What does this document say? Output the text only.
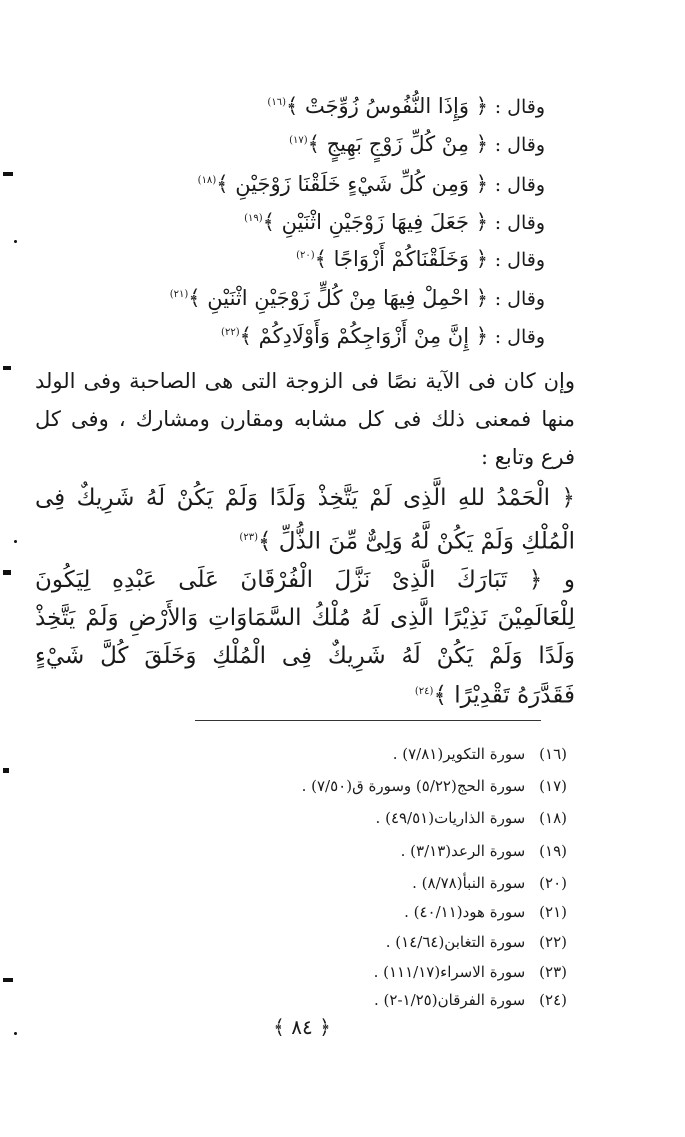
وقال : ﴿ وَإِذَا النُّفُوسُ زُوِّجَتْ ﴾$^{(١٦)}$
وقال : ﴿ مِنْ كُلِّ زَوْجٍ بَهِيجٍ ﴾$^{(١٧)}$
وقال : ﴿ وَمِن كُلِّ شَيْءٍ خَلَقْنَا زَوْجَيْنِ ﴾$^{(١٨)}$
وقال : ﴿ جَعَلَ فِيهَا زَوْجَيْنِ اثْنَيْنِ ﴾$^{(١٩)}$
وقال : ﴿ وَخَلَقْنَاكُمْ أَزْوَاجًا ﴾$^{(٢٠)}$
وقال : ﴿ احْمِلْ فِيهَا مِنْ كُلٍّ زَوْجَيْنِ اثْنَيْنِ ﴾$^{(٢١)}$
وقال : ﴿ إِنَّ مِنْ أَزْوَاجِكُمْ وَأَوْلَادِكُمْ ﴾$^{(٢٢)}$
وإن كان فى الآية نصًا فى الزوجة التى هى الصاحبة وفى الولد منها فمعنى ذلك فى كل مشابه ومقارن ومشارك ، وفى كل فرع وتابع :
﴿ الْحَمْدُ للهِ الَّذِى لَمْ يَتَّخِذْ وَلَدًا وَلَمْ يَكُنْ لَهُ شَرِيكٌ فِى
الْمُلْكِ وَلَمْ يَكُنْ لَّهُ وَلِىٌّ مِّنَ الذُّلِّ ﴾$^{(٢٣)}$
و ﴿ تَبَارَكَ الَّذِىْ نَزَّلَ الْفُرْقَانَ عَلَى عَبْدِهِ لِيَكُونَ
لِلْعَالَمِيْنَ نَذِيْرًا الَّذِى لَهُ مُلْكُ السَّمَاوَاتِ وَالأَرْضِ وَلَمْ يَتَّخِذْ
وَلَدًا وَلَمْ يَكُنْ لَهُ شَرِيكٌ فِى الْمُلْكِ وَخَلَقَ كُلَّ شَيْءٍ
فَقَدَّرَهُ تَقْدِيْرًا ﴾$^{(٢٤)}$
(١٦)سورة التكوير(٧/٨١) .
(١٧)سورة الحج(٥/٢٢) وسورة ق(٧/٥٠) .
(١٨)سورة الذاريات(٤٩/٥١) .
(١٩)سورة الرعد(٣/١٣) .
(٢٠)سورة النبأ(٨/٧٨) .
(٢١)سورة هود(٤٠/١١) .
(٢٢)سورة التغابن(١٤/٦٤) .
(٢٣)سورة الاسراء(١١١/١٧) .
(٢٤)سورة الفرقان(١/٢٥-٢) .
﴿ ٨٤ ﴾
